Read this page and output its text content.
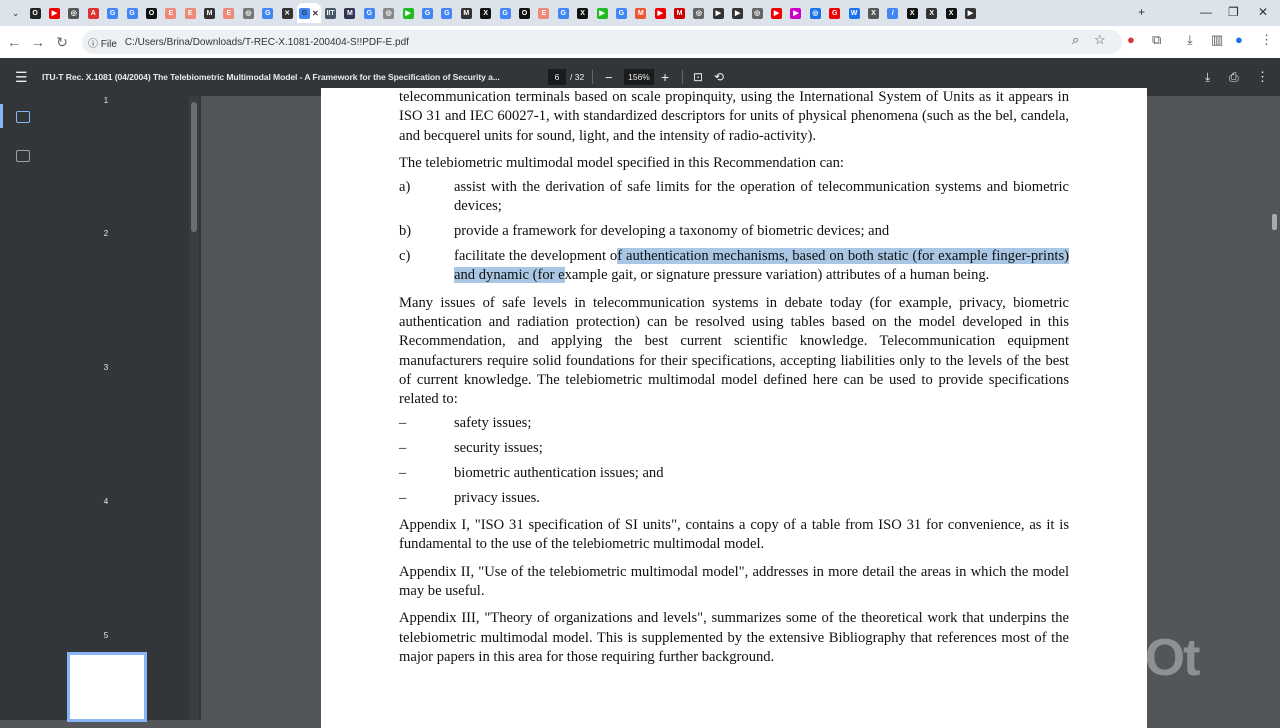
⌄	O	▶	◎	A	G	G	O	E	E	M	E	◎	G	✕	G ✕ IIT	M	G	◎	▶	G	G	M	X	G	O	E	G	X	▶	G	M	▶	M	◎	▶	▶	◎	▶	▶	◎	G	W	X	/	X	X	X	▶	+	— ❐ ✕
← → ↻	ⓘ File C:/Users/Brina/Downloads/T-REC-X.1081-200404-S!!PDF-E.pdf	⌕ ☆ ● ⧉ ⤓ ▥ ● ⋮
☰ ITU-T Rec. X.1081 (04/2004) The Telebiometric Multimodal Model - A Framework for the Specification of Security a...	6	/ 32 −	156% + ⊡ ⟲	⤓ ⎙ ⋮
1
2
3
4
5

telecommunication terminals based on scale propinquity, using the International System of Units as it appears in ISO 31 and IEC 60027-1, with standardized descriptors for units of physical phenomena (such as the bel, candela, and becquerel units for sound, light, and the intensity of radio-activity).

The telebiometric multimodal model specified in this Recommendation can:

a)	assist with the derivation of safe limits for the operation of telecommunication systems and biometric devices;
b)	provide a framework for developing a taxonomy of biometric devices; and
c)	facilitate the development of authentication mechanisms, based on both static (for example finger-prints) and dynamic (for example gait, or signature pressure variation) attributes of a human being.

Many issues of safe levels in telecommunication systems in debate today (for example, privacy, biometric authentication and radiation protection) can be resolved using tables based on the model developed in this Recommendation, and applying the best current scientific knowledge. Telecommunication equipment manufacturers require solid foundations for their specifications, accepting liabilities only to the levels of the best of current knowledge. The telebiometric multimodal model defined here can be used to provide specifications related to:

–	safety issues;
–	security issues;
–	biometric authentication issues; and
–	privacy issues.

Appendix I, "ISO 31 specification of SI units", contains a copy of a table from ISO 31 for convenience, as it is fundamental to the use of the telebiometric multimodal model.

Appendix II, "Use of the telebiometric multimodal model", addresses in more detail the areas in which the model may be useful.

Appendix III, "Theory of organizations and levels", summarizes some of the theoretical work that underpins the telebiometric multimodal model. This is supplemented by the extensive Bibliography that references most of the major papers in this area for those requiring further background.	InShOt
